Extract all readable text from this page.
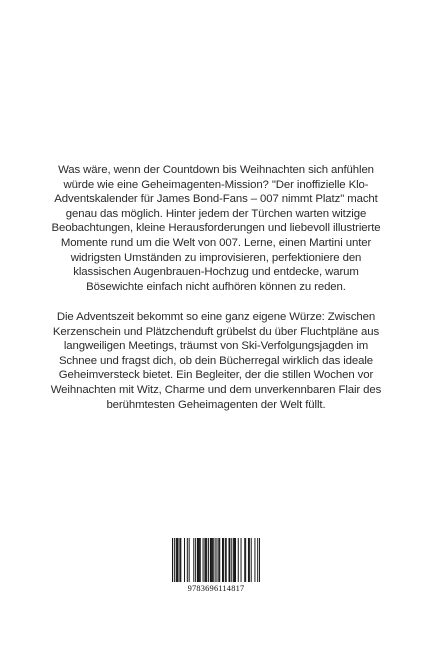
Was wäre, wenn der Countdown bis Weihnachten sich anfühlen würde wie eine Geheimagenten-Mission? "Der inoffizielle Klo-Adventskalender für James Bond-Fans – 007 nimmt Platz" macht genau das möglich. Hinter jedem der Türchen warten witzige Beobachtungen, kleine Herausforderungen und liebevoll illustrierte Momente rund um die Welt von 007. Lerne, einen Martini unter widrigsten Umständen zu improvisieren, perfektioniere den klassischen Augenbrauen-Hochzug und entdecke, warum Bösewichte einfach nicht aufhören können zu reden.

Die Adventszeit bekommt so eine ganz eigene Würze: Zwischen Kerzenschein und Plätzchenduft grübelst du über Fluchtpläne aus langweiligen Meetings, träumst von Ski-Verfolgungsjagden im Schnee und fragst dich, ob dein Bücherregal wirklich das ideale Geheimversteck bietet. Ein Begleiter, der die stillen Wochen vor Weihnachten mit Witz, Charme und dem unverkennbaren Flair des berühmtesten Geheimagenten der Welt füllt.

9783696114817
